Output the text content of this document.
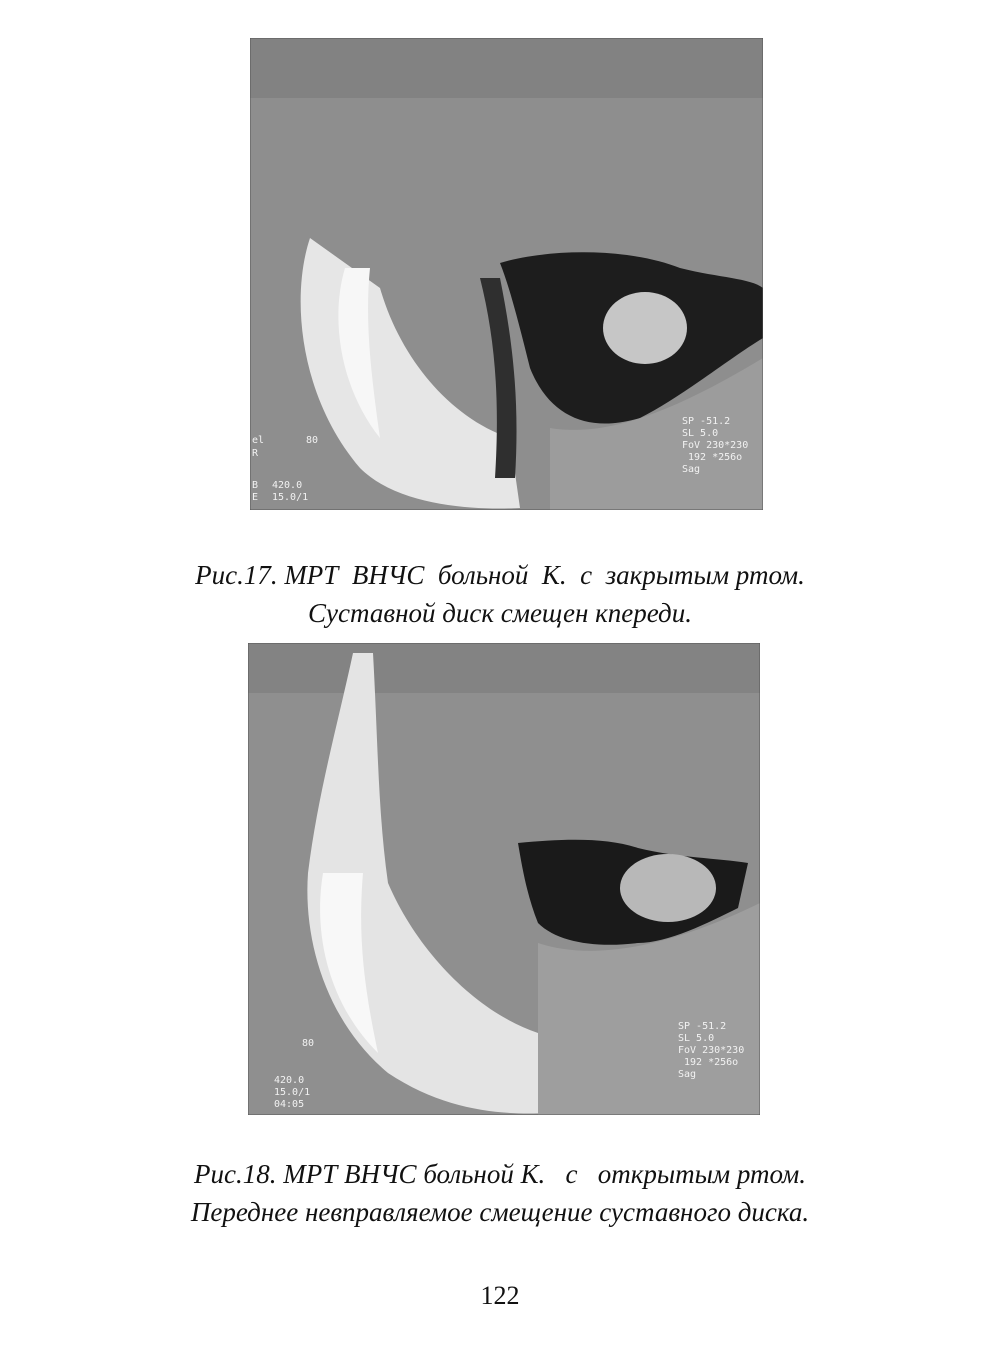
el
R
B
E
80
420.0
15.0/1
SP -51.2
SL 5.0
FoV 230*230
192 *256o
Sag
Рис.17. МРТ  ВНЧС  больной  К.  с  закрытым ртом.
Суставной диск смещен кпереди.
80
420.0
15.0/1
04:05
SP -51.2
SL 5.0
FoV 230*230
192 *256o
Sag
Рис.18. МРТ ВНЧС больной К.   с   открытым ртом.
Переднее невправляемое смещение суставного диска.
122
